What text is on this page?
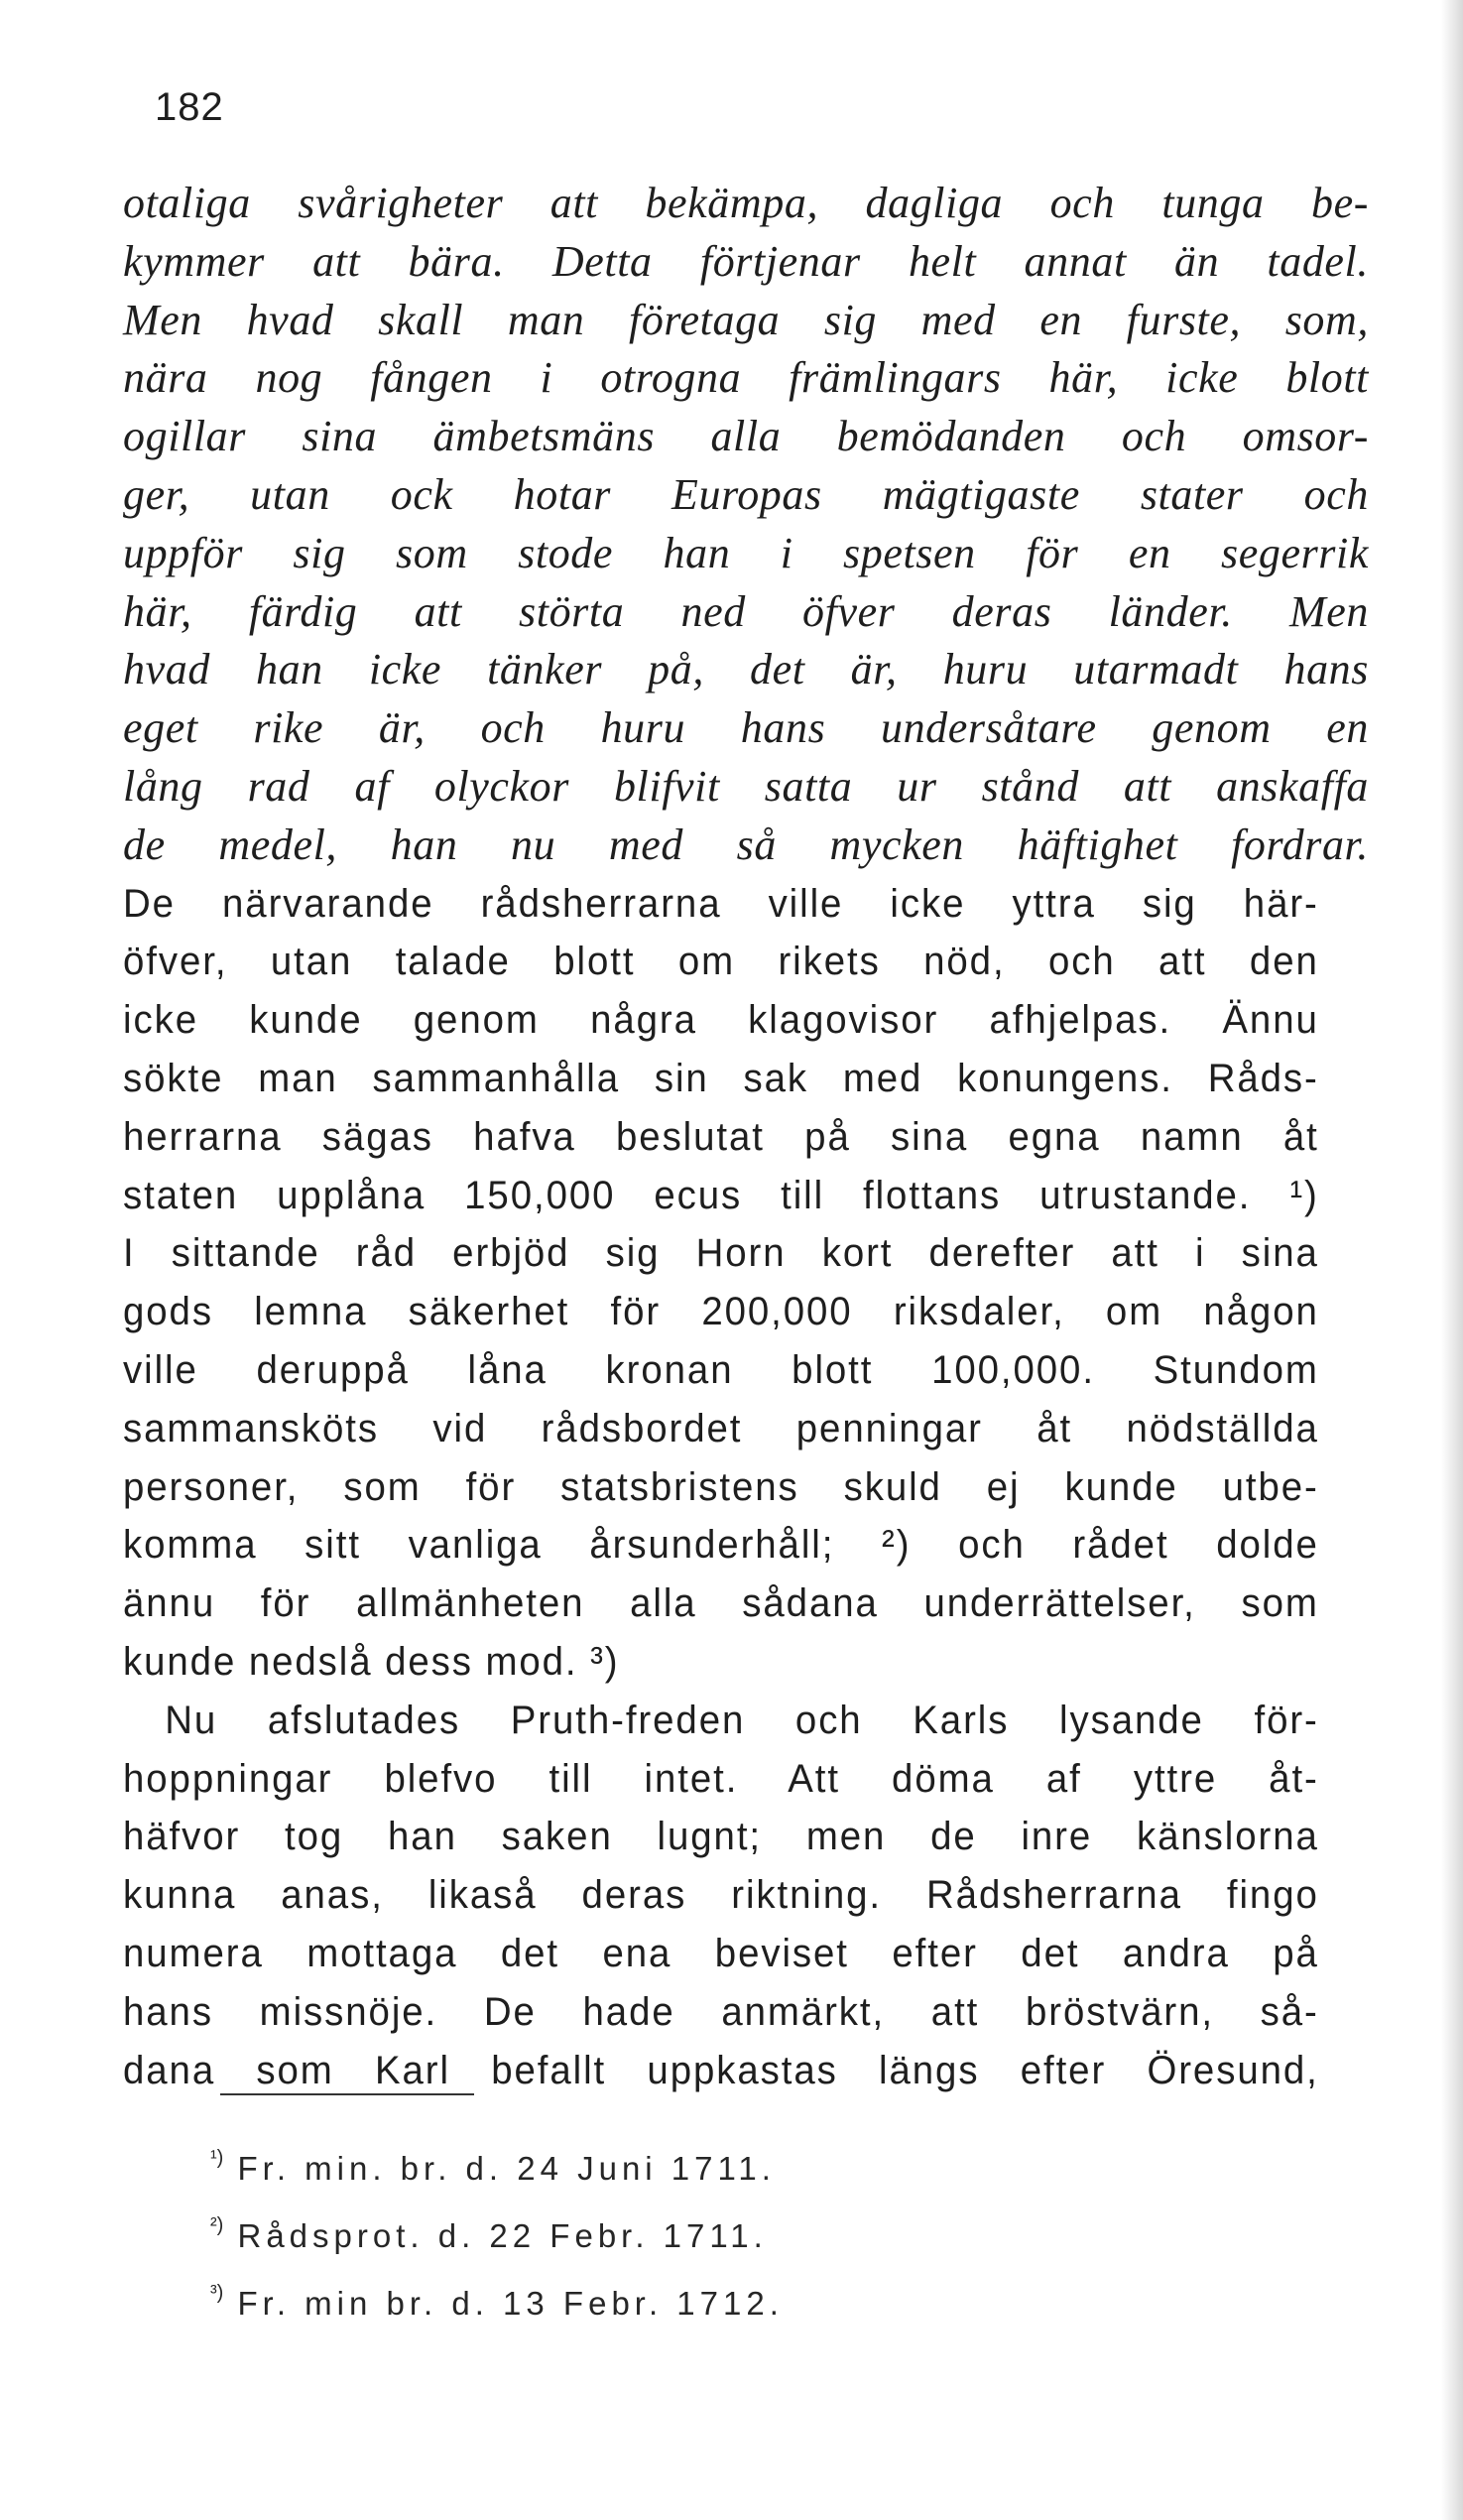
182
otaliga svårigheter att bekämpa, dagliga och tunga be-
kymmer att bära. Detta förtjenar helt annat än tadel.
Men hvad skall man företaga sig med en furste, som,
nära nog fången i otrogna främlingars här, icke blott
ogillar sina ämbetsmäns alla bemödanden och omsor-
ger, utan ock hotar Europas mägtigaste stater och
uppför sig som stode han i spetsen för en segerrik
här, färdig att störta ned öfver deras länder. Men
hvad han icke tänker på, det är, huru utarmadt hans
eget rike är, och huru hans undersåtare genom en
lång rad af olyckor blifvit satta ur stånd att anskaffa
de medel, han nu med så mycken häftighet fordrar.
De närvarande rådsherrarna ville icke yttra sig här-
öfver, utan talade blott om rikets nöd, och att den
icke kunde genom några klagovisor afhjelpas. Ännu
sökte man sammanhålla sin sak med konungens. Råds-
herrarna sägas hafva beslutat på sina egna namn åt
staten upplåna 150,000 ecus till flottans utrustande. ¹)
I sittande råd erbjöd sig Horn kort derefter att i sina
gods lemna säkerhet för 200,000 riksdaler, om någon
ville deruppå låna kronan blott 100,000. Stundom
sammansköts vid rådsbordet penningar åt nödställda
personer, som för statsbristens skuld ej kunde utbe-
komma sitt vanliga årsunderhåll; ²) och rådet dolde
ännu för allmänheten alla sådana underrättelser, som
kunde nedslå dess mod. ³)
Nu afslutades Pruth-freden och Karls lysande för-
hoppningar blefvo till intet. Att döma af yttre åt-
häfvor tog han saken lugnt; men de inre känslorna
kunna anas, likaså deras riktning. Rådsherrarna fingo
numera mottaga det ena beviset efter det andra på
hans missnöje. De hade anmärkt, att bröstvärn, så-
dana som Karl befallt uppkastas längs efter Öresund,
$^{^1)}$ Fr. min. br. d. 24 Juni 1711.
$^{^2)}$ Rådsprot. d. 22 Febr. 1711.
$^{^3)}$ Fr. min br. d. 13 Febr. 1712.
